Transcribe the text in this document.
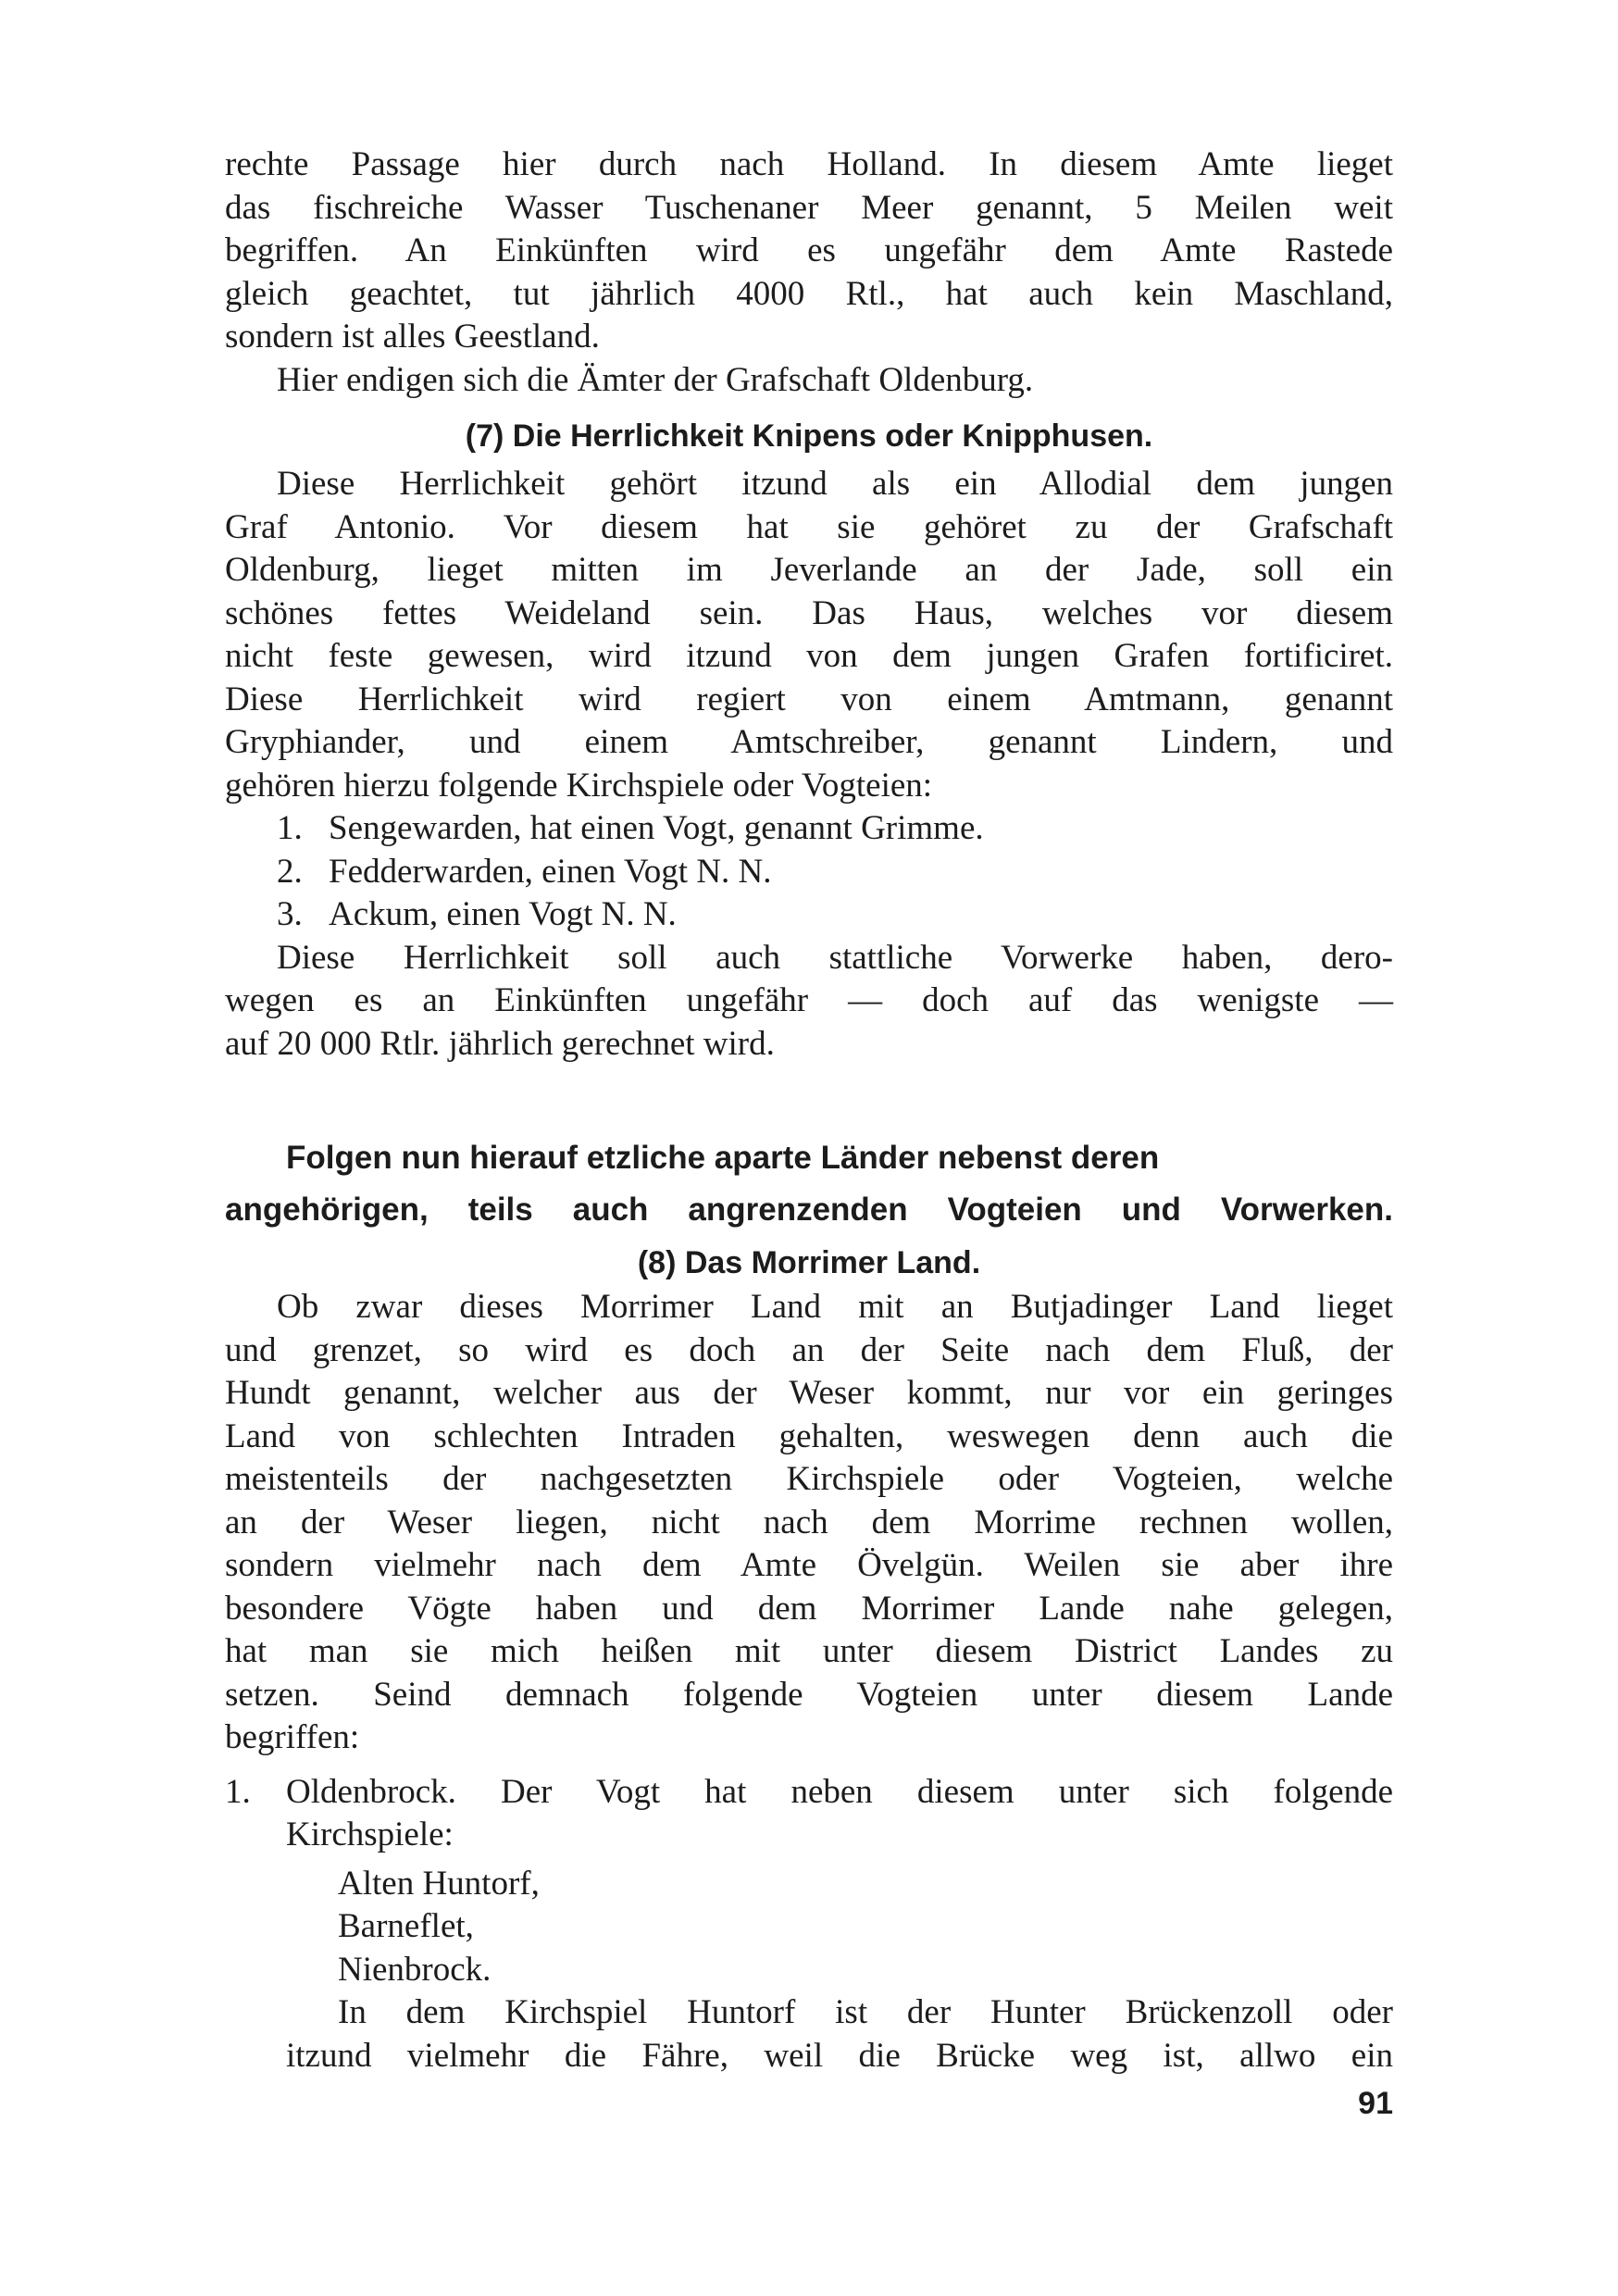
rechte Passage hier durch nach Holland. In diesem Amte lieget
das fischreiche Wasser Tuschenaner Meer genannt, 5 Meilen weit
begriffen. An Einkünften wird es ungefähr dem Amte Rastede
gleich geachtet, tut jährlich 4000 Rtl., hat auch kein Maschland,
sondern ist alles Geestland.
Hier endigen sich die Ämter der Grafschaft Oldenburg.
(7) Die Herrlichkeit Knipens oder Knipphusen.
Diese Herrlichkeit gehört itzund als ein Allodial dem jungen
Graf Antonio. Vor diesem hat sie gehöret zu der Grafschaft
Oldenburg, lieget mitten im Jeverlande an der Jade, soll ein
schönes fettes Weideland sein. Das Haus, welches vor diesem
nicht feste gewesen, wird itzund von dem jungen Grafen fortificiret.
Diese Herrlichkeit wird regiert von einem Amtmann, genannt
Gryphiander, und einem Amtschreiber, genannt Lindern, und
gehören hierzu folgende Kirchspiele oder Vogteien:
1. Sengewarden, hat einen Vogt, genannt Grimme.
2. Fedderwarden, einen Vogt N. N.
3. Ackum, einen Vogt N. N.
Diese Herrlichkeit soll auch stattliche Vorwerke haben, dero-
wegen es an Einkünften ungefähr — doch auf das wenigste —
auf 20 000 Rtlr. jährlich gerechnet wird.
Folgen nun hierauf etzliche aparte Länder nebenst deren
angehörigen, teils auch angrenzenden Vogteien und Vorwerken.
(8) Das Morrimer Land.
Ob zwar dieses Morrimer Land mit an Butjadinger Land lieget
und grenzet, so wird es doch an der Seite nach dem Fluß, der
Hundt genannt, welcher aus der Weser kommt, nur vor ein geringes
Land von schlechten Intraden gehalten, weswegen denn auch die
meistenteils der nachgesetzten Kirchspiele oder Vogteien, welche
an der Weser liegen, nicht nach dem Morrime rechnen wollen,
sondern vielmehr nach dem Amte Övelgün. Weilen sie aber ihre
besondere Vögte haben und dem Morrimer Lande nahe gelegen,
hat man sie mich heißen mit unter diesem District Landes zu
setzen. Seind demnach folgende Vogteien unter diesem Lande
begriffen:
1.	Oldenbrock. Der Vogt hat neben diesem unter sich folgende
Kirchspiele:
Alten Huntorf,
Barneflet,
Nienbrock.
In dem Kirchspiel Huntorf ist der Hunter Brückenzoll oder
itzund vielmehr die Fähre, weil die Brücke weg ist, allwo ein
91
